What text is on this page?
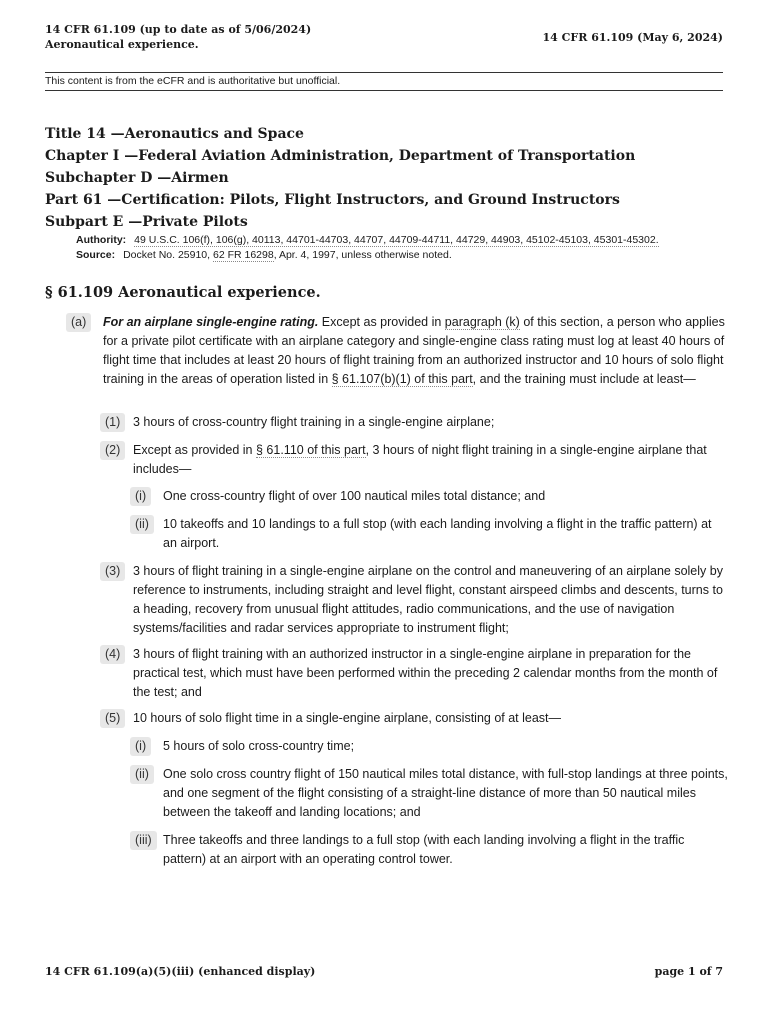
14 CFR 61.109 (up to date as of 5/06/2024)
Aeronautical experience.
14 CFR 61.109 (May 6, 2024)
This content is from the eCFR and is authoritative but unofficial.
Title 14 —Aeronautics and Space
Chapter I —Federal Aviation Administration, Department of Transportation
Subchapter D —Airmen
Part 61 —Certification: Pilots, Flight Instructors, and Ground Instructors
Subpart E —Private Pilots
Authority: 49 U.S.C. 106(f), 106(g), 40113, 44701-44703, 44707, 44709-44711, 44729, 44903, 45102-45103, 45301-45302.
Source: Docket No. 25910, 62 FR 16298, Apr. 4, 1997, unless otherwise noted.
§ 61.109 Aeronautical experience.
(a)	For an airplane single-engine rating. Except as provided in paragraph (k) of this section, a person who applies for a private pilot certificate with an airplane category and single-engine class rating must log at least 40 hours of flight time that includes at least 20 hours of flight training from an authorized instructor and 10 hours of solo flight training in the areas of operation listed in § 61.107(b)(1) of this part, and the training must include at least—
(1)	3 hours of cross-country flight training in a single-engine airplane;
(2)	Except as provided in § 61.110 of this part, 3 hours of night flight training in a single-engine airplane that includes—
(i)	One cross-country flight of over 100 nautical miles total distance; and
(ii)	10 takeoffs and 10 landings to a full stop (with each landing involving a flight in the traffic pattern) at an airport.
(3)	3 hours of flight training in a single-engine airplane on the control and maneuvering of an airplane solely by reference to instruments, including straight and level flight, constant airspeed climbs and descents, turns to a heading, recovery from unusual flight attitudes, radio communications, and the use of navigation systems/facilities and radar services appropriate to instrument flight;
(4)	3 hours of flight training with an authorized instructor in a single-engine airplane in preparation for the practical test, which must have been performed within the preceding 2 calendar months from the month of the test; and
(5)	10 hours of solo flight time in a single-engine airplane, consisting of at least—
(i)	5 hours of solo cross-country time;
(ii)	One solo cross country flight of 150 nautical miles total distance, with full-stop landings at three points, and one segment of the flight consisting of a straight-line distance of more than 50 nautical miles between the takeoff and landing locations; and
(iii) Three takeoffs and three landings to a full stop (with each landing involving a flight in the traffic pattern) at an airport with an operating control tower.
14 CFR 61.109(a)(5)(iii) (enhanced display)	page 1 of 7
